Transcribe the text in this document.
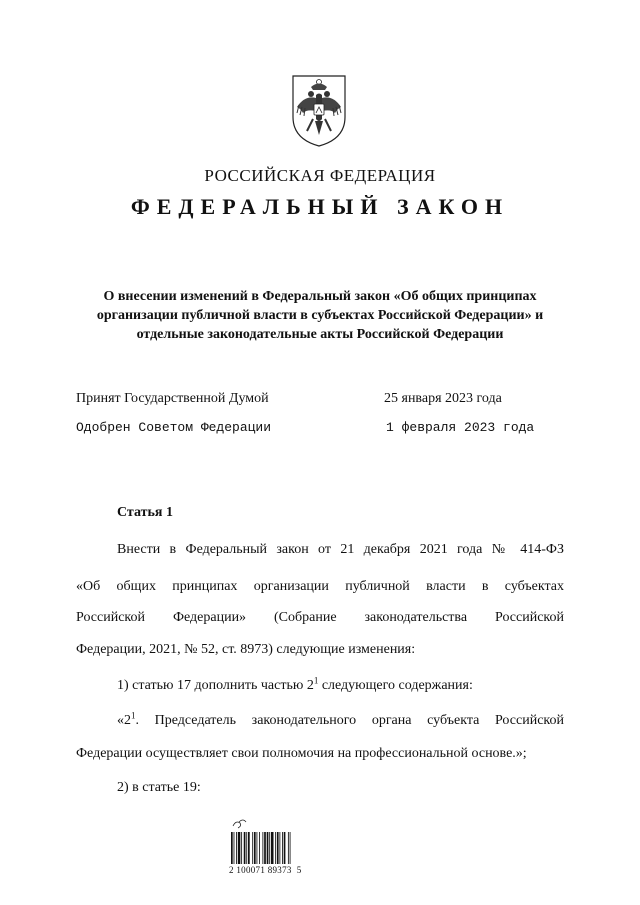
РОССИЙСКАЯ ФЕДЕРАЦИЯ
ФЕДЕРАЛЬНЫЙ ЗАКОН
О внесении изменений в Федеральный закон «Об общих принципах
организации публичной власти в субъектах Российской Федерации» и
отдельные законодательные акты Российской Федерации
Принят Государственной Думой	25 января 2023 года
Одобрен Советом Федерации	1 февраля 2023 года
Статья 1
Внести в Федеральный закон от 21 декабря 2021 года № 414-ФЗ
«Об общих принципах организации публичной власти в субъектах
Российской Федерации» (Собрание законодательства Российской
Федерации, 2021, № 52, ст. 8973) следующие изменения:
1) статью 17 дополнить частью $2^1$ следующего содержания:
«$2^1$. Председатель законодательного органа субъекта Российской
Федерации осуществляет свои полномочия на профессиональной основе.»;
2) в статье 19:
2 100071 89373  5
